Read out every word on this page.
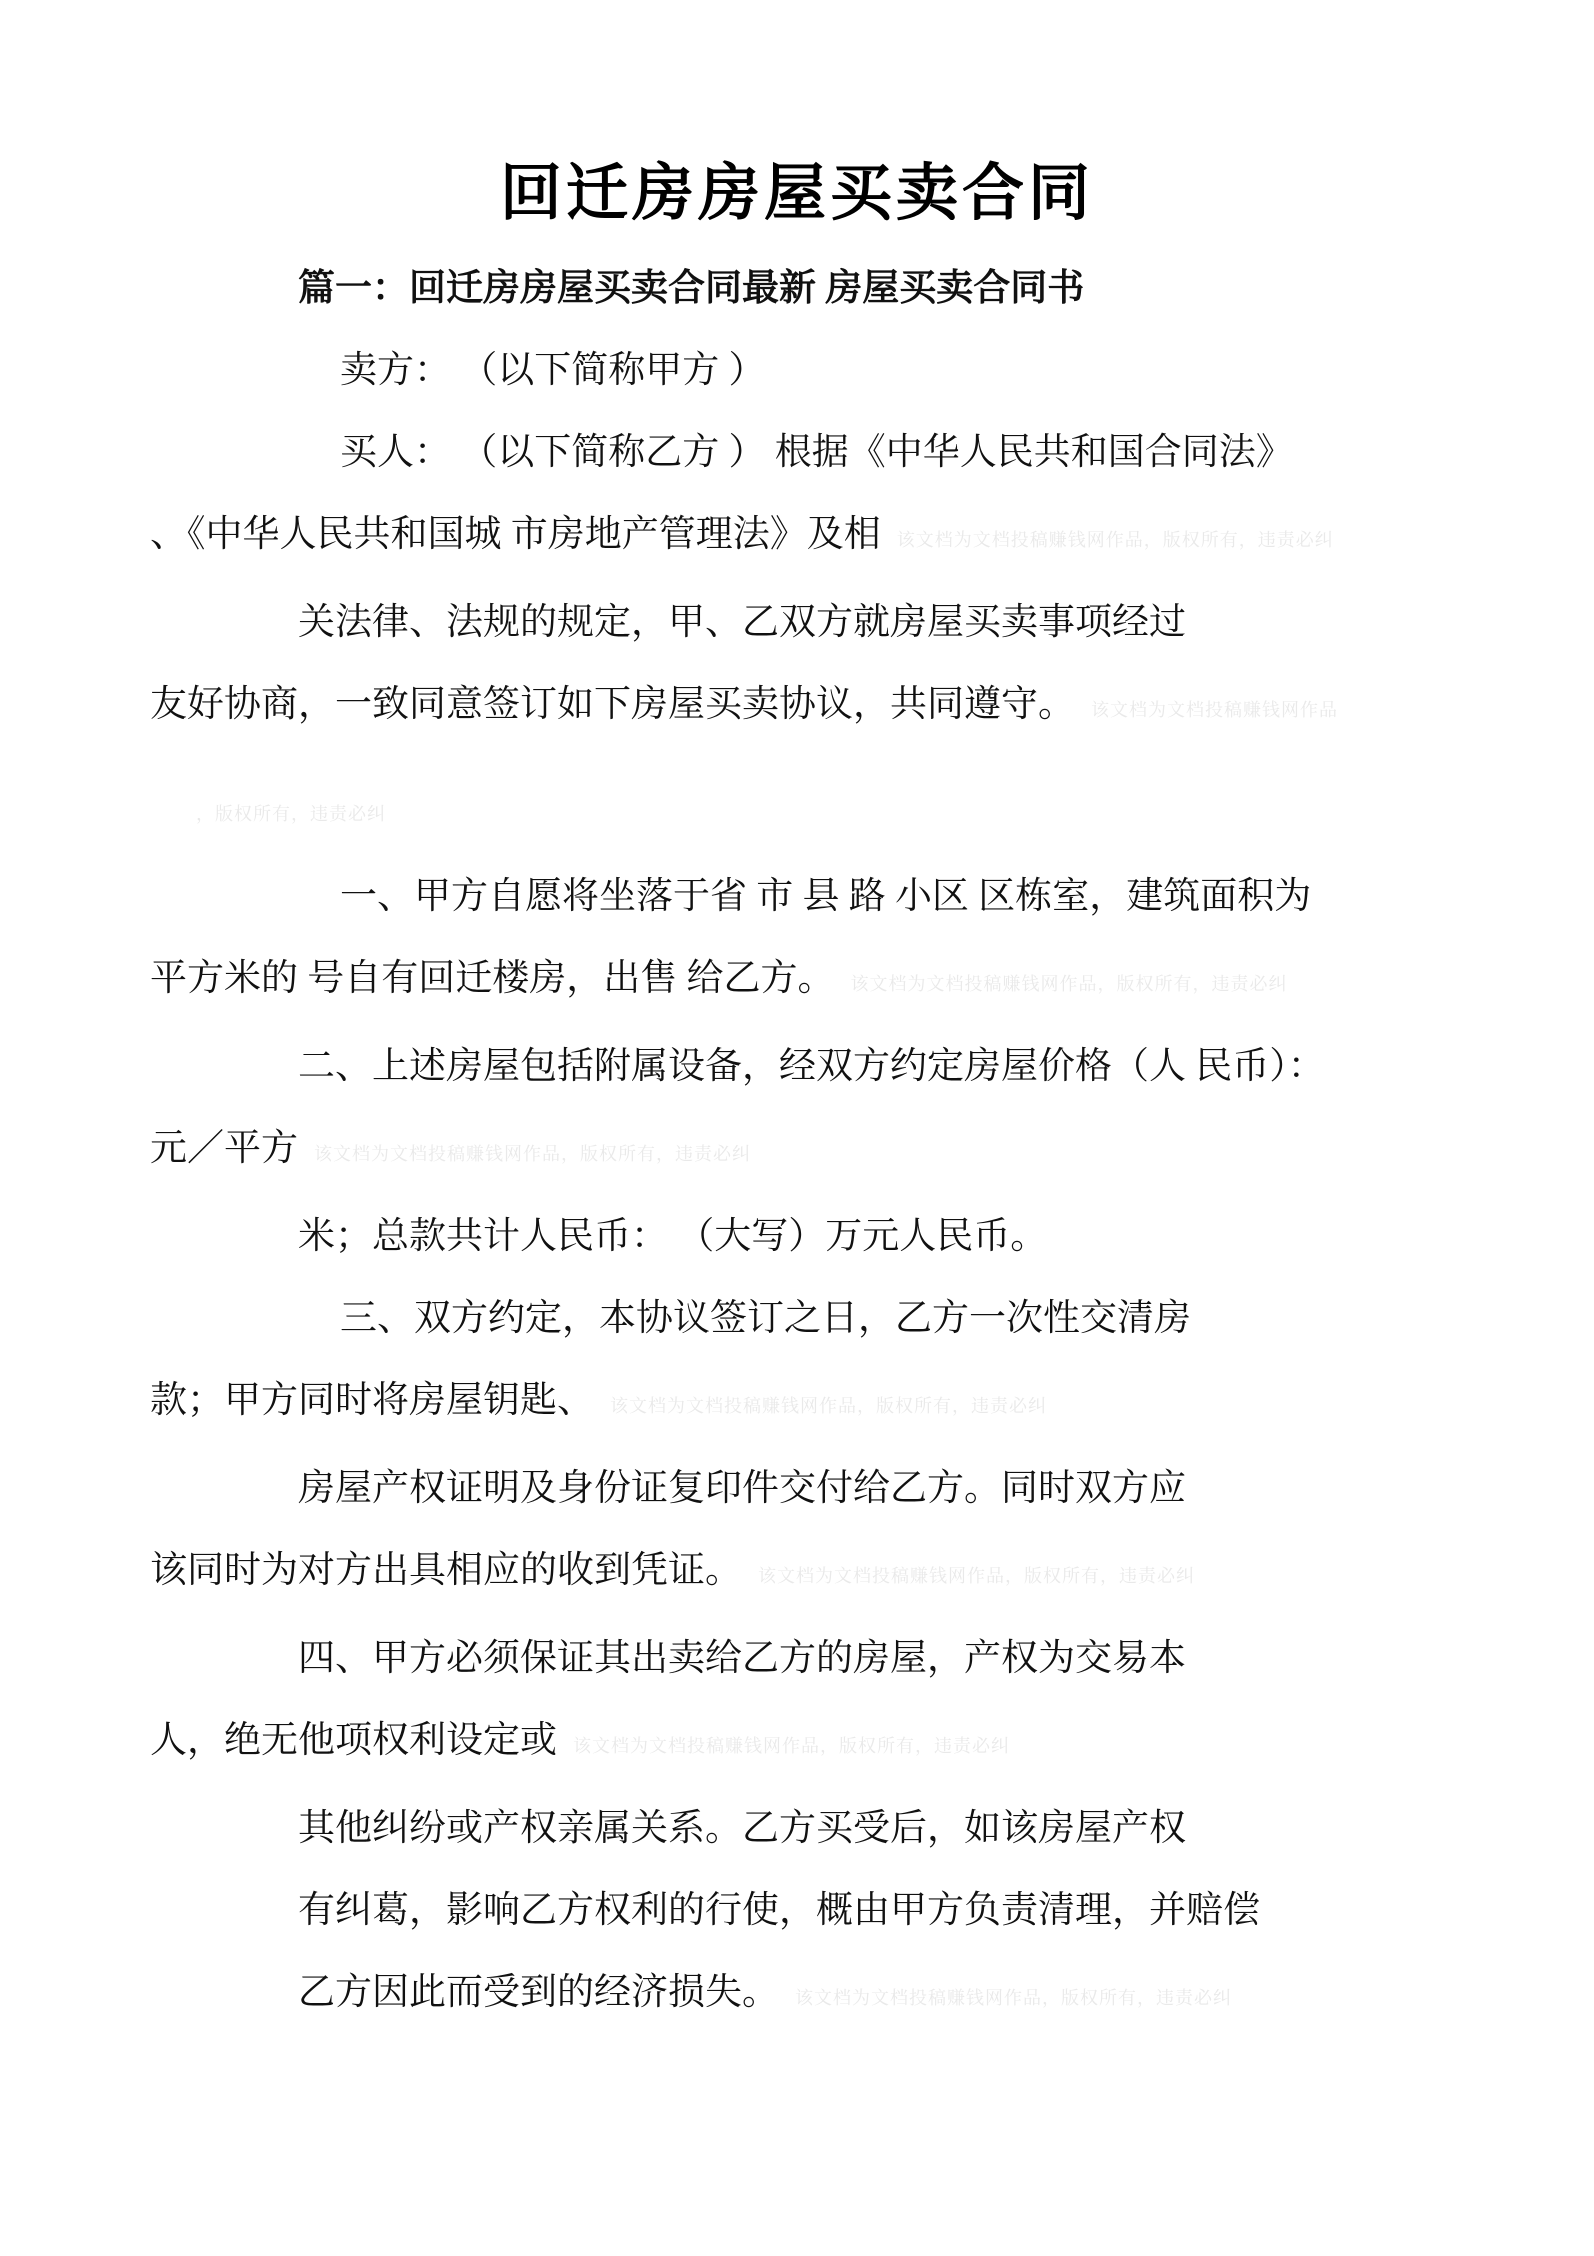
回迁房房屋买卖合同
篇一：回迁房房屋买卖合同最新 房屋买卖合同书
卖方： （以下简称甲方 ）
买人： （以下简称乙方 ） 根据《中华人民共和国合同法》
、《中华人民共和国城 市房地产管理法》及相 该文档为文档投稿赚钱网作品，版权所有，违责必纠
关法律、法规的规定，甲、乙双方就房屋买卖事项经过
友好协商，一致同意签订如下房屋买卖协议，共同遵守。 该文档为文档投稿赚钱网作品
，版权所有，违责必纠
一、甲方自愿将坐落于省 市 县 路 小区 区栋室，建筑面积为
平方米的 号自有回迁楼房，出售 给乙方。 该文档为文档投稿赚钱网作品，版权所有，违责必纠
二、上述房屋包括附属设备，经双方约定房屋价格（人 民币）：
元／平方 该文档为文档投稿赚钱网作品，版权所有，违责必纠
米；总款共计人民币： （大写）万元人民币。
三、双方约定，本协议签订之日，乙方一次性交清房
款；甲方同时将房屋钥匙、 该文档为文档投稿赚钱网作品，版权所有，违责必纠
房屋产权证明及身份证复印件交付给乙方。同时双方应
该同时为对方出具相应的收到凭证。 该文档为文档投稿赚钱网作品，版权所有，违责必纠
四、甲方必须保证其出卖给乙方的房屋，产权为交易本
人，绝无他项权利设定或 该文档为文档投稿赚钱网作品，版权所有，违责必纠
其他纠纷或产权亲属关系。乙方买受后，如该房屋产权
有纠葛，影响乙方权利的行使，概由甲方负责清理，并赔偿
乙方因此而受到的经济损失。 该文档为文档投稿赚钱网作品，版权所有，违责必纠
